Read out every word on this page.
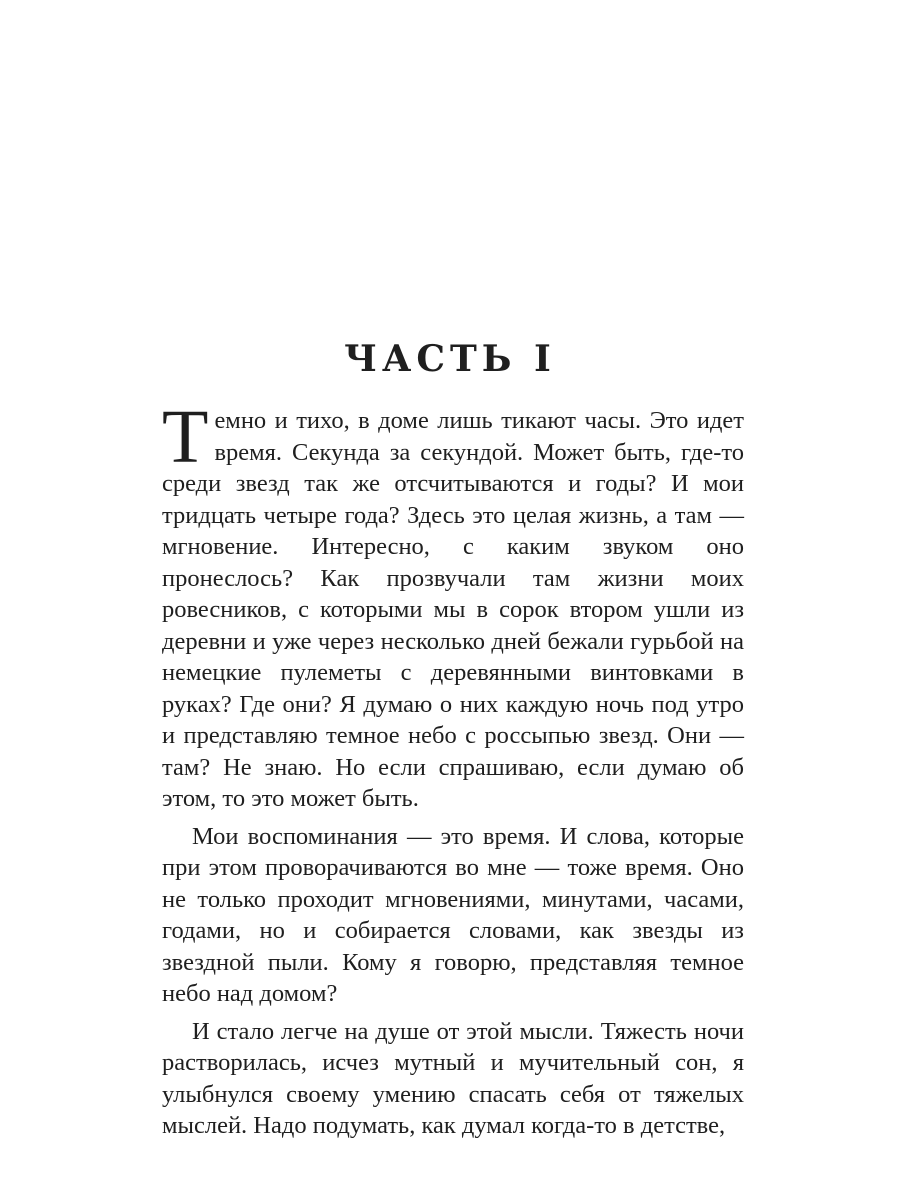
ЧАСТЬ I

Темно и тихо, в доме лишь тикают часы. Это идет время. Секунда за секундой. Может быть, где-то среди звезд так же отсчитываются и годы? И мои тридцать четыре года? Здесь это целая жизнь, а там — мгновение. Интересно, с каким звуком оно пронеслось? Как прозвучали там жизни моих ровесников, с которыми мы в сорок втором ушли из деревни и уже через несколько дней бежали гурьбой на немецкие пулеметы с деревянными винтовками в руках? Где они? Я думаю о них каждую ночь под утро и представляю темное небо с россыпью звезд. Они — там? Не знаю. Но если спрашиваю, если думаю об этом, то это может быть.

Мои воспоминания — это время. И слова, которые при этом проворачиваются во мне — тоже время. Оно не только проходит мгновениями, минутами, часами, годами, но и собирается словами, как звезды из звездной пыли. Кому я говорю, представляя темное небо над домом?

И стало легче на душе от этой мысли. Тяжесть ночи растворилась, исчез мутный и мучительный сон, я улыбнулся своему умению спасать себя от тяжелых мыслей. Надо подумать, как думал когда-то в детстве,
